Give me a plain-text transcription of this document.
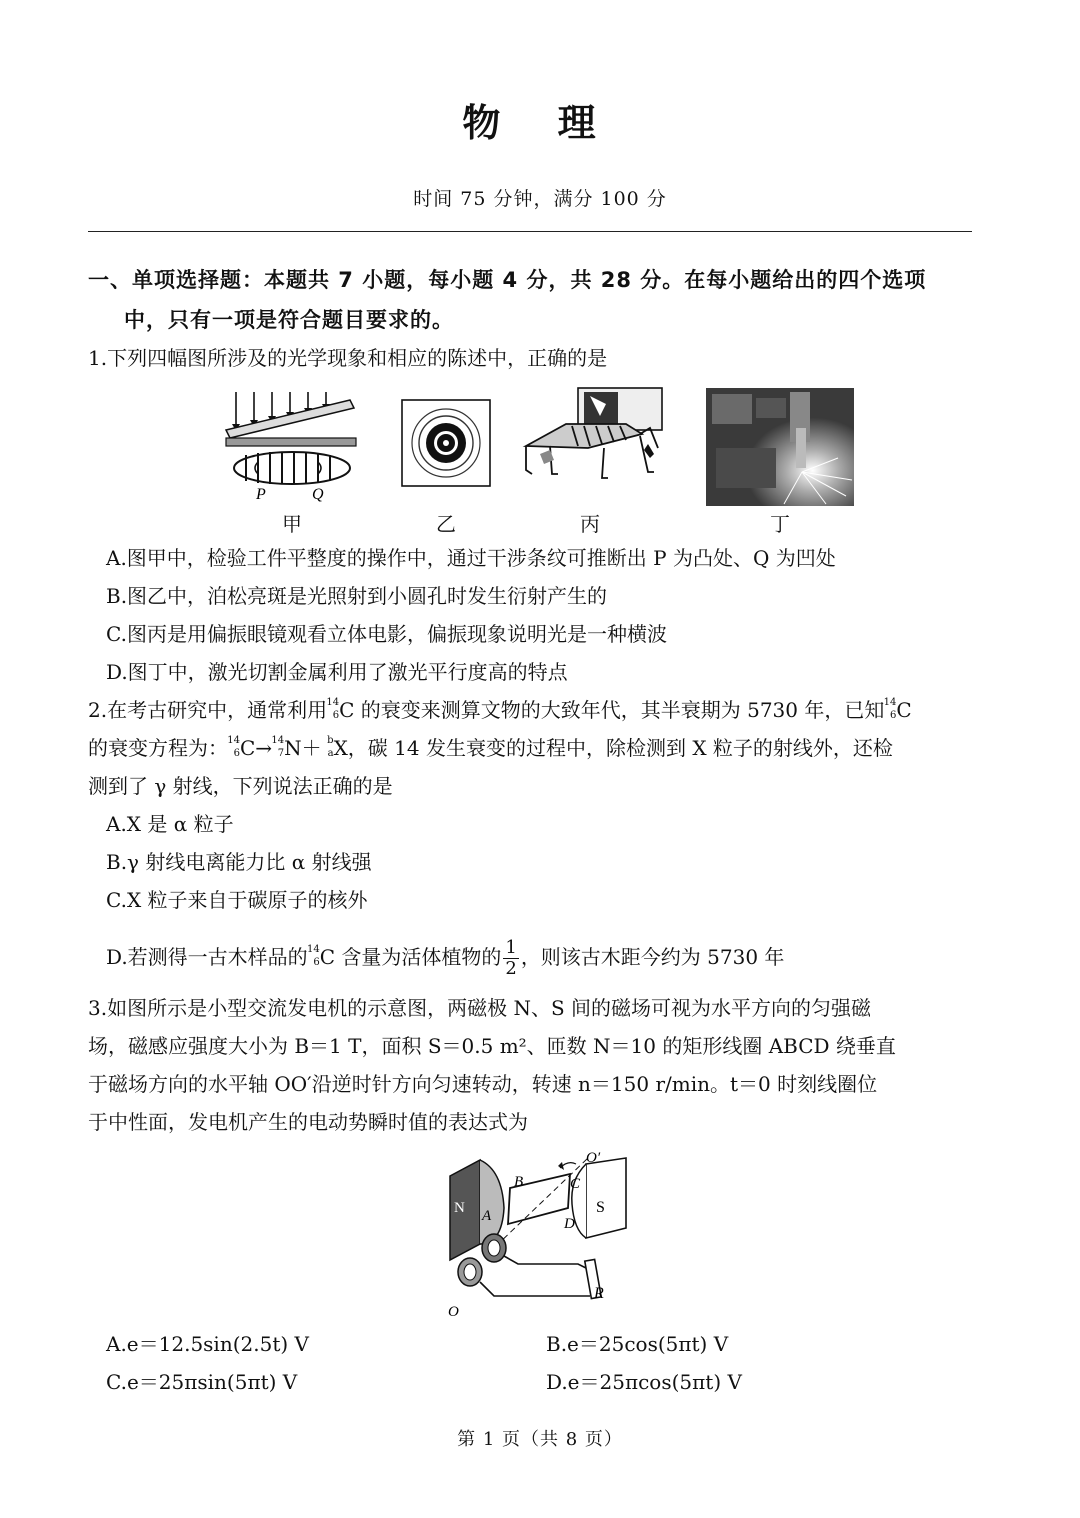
物 理
时间 75 分钟，满分 100 分
一、单项选择题：本题共 7 小题，每小题 4 分，共 28 分。在每小题给出的四个选项
中，只有一项是符合题目要求的。
1.下列四幅图所涉及的光学现象和相应的陈述中，正确的是
P	Q
甲	乙	丙	丁
A.图甲中，检验工件平整度的操作中，通过干涉条纹可推断出 P 为凸处、Q 为凹处
B.图乙中，泊松亮斑是光照射到小圆孔时发生衍射产生的
C.图丙是用偏振眼镜观看立体电影，偏振现象说明光是一种横波
D.图丁中，激光切割金属利用了激光平行度高的特点
2.在考古研究中，通常利用 14
6 C 的衰变来测算文物的大致年代，其半衰期为 5730 年，已知 14
6 C
的衰变方程为： 14
6 C→ 14
7 N＋ b
a X，碳 14 发生衰变的过程中，除检测到 X 粒子的射线外，还检
测到了 γ 射线，下列说法正确的是
A.X 是 α 粒子
B.γ 射线电离能力比 α 射线强
C.X 粒子来自于碳原子的核外
D.若测得一古木样品的 14
6 C 含量为活体植物的 $\frac{1}{2}$ ，则该古木距今约为 5730 年
3.如图所示是小型交流发电机的示意图，两磁极 N、S 间的磁场可视为水平方向的匀强磁
场，磁感应强度大小为 B＝1 T，面积 S＝0.5 m²、匝数 N＝10 的矩形线圈 ABCD 绕垂直
于磁场方向的水平轴 OO′沿逆时针方向匀速转动，转速 n＝150 r/min。t＝0 时刻线圈位
于中性面，发电机产生的电动势瞬时值的表达式为
N	S
B	C
D
A
O′
R
O
A.e＝12.5sin(2.5t) V	B.e＝25cos(5πt) V
C.e＝25πsin(5πt) V	D.e＝25πcos(5πt) V
第 1 页（共 8 页）
